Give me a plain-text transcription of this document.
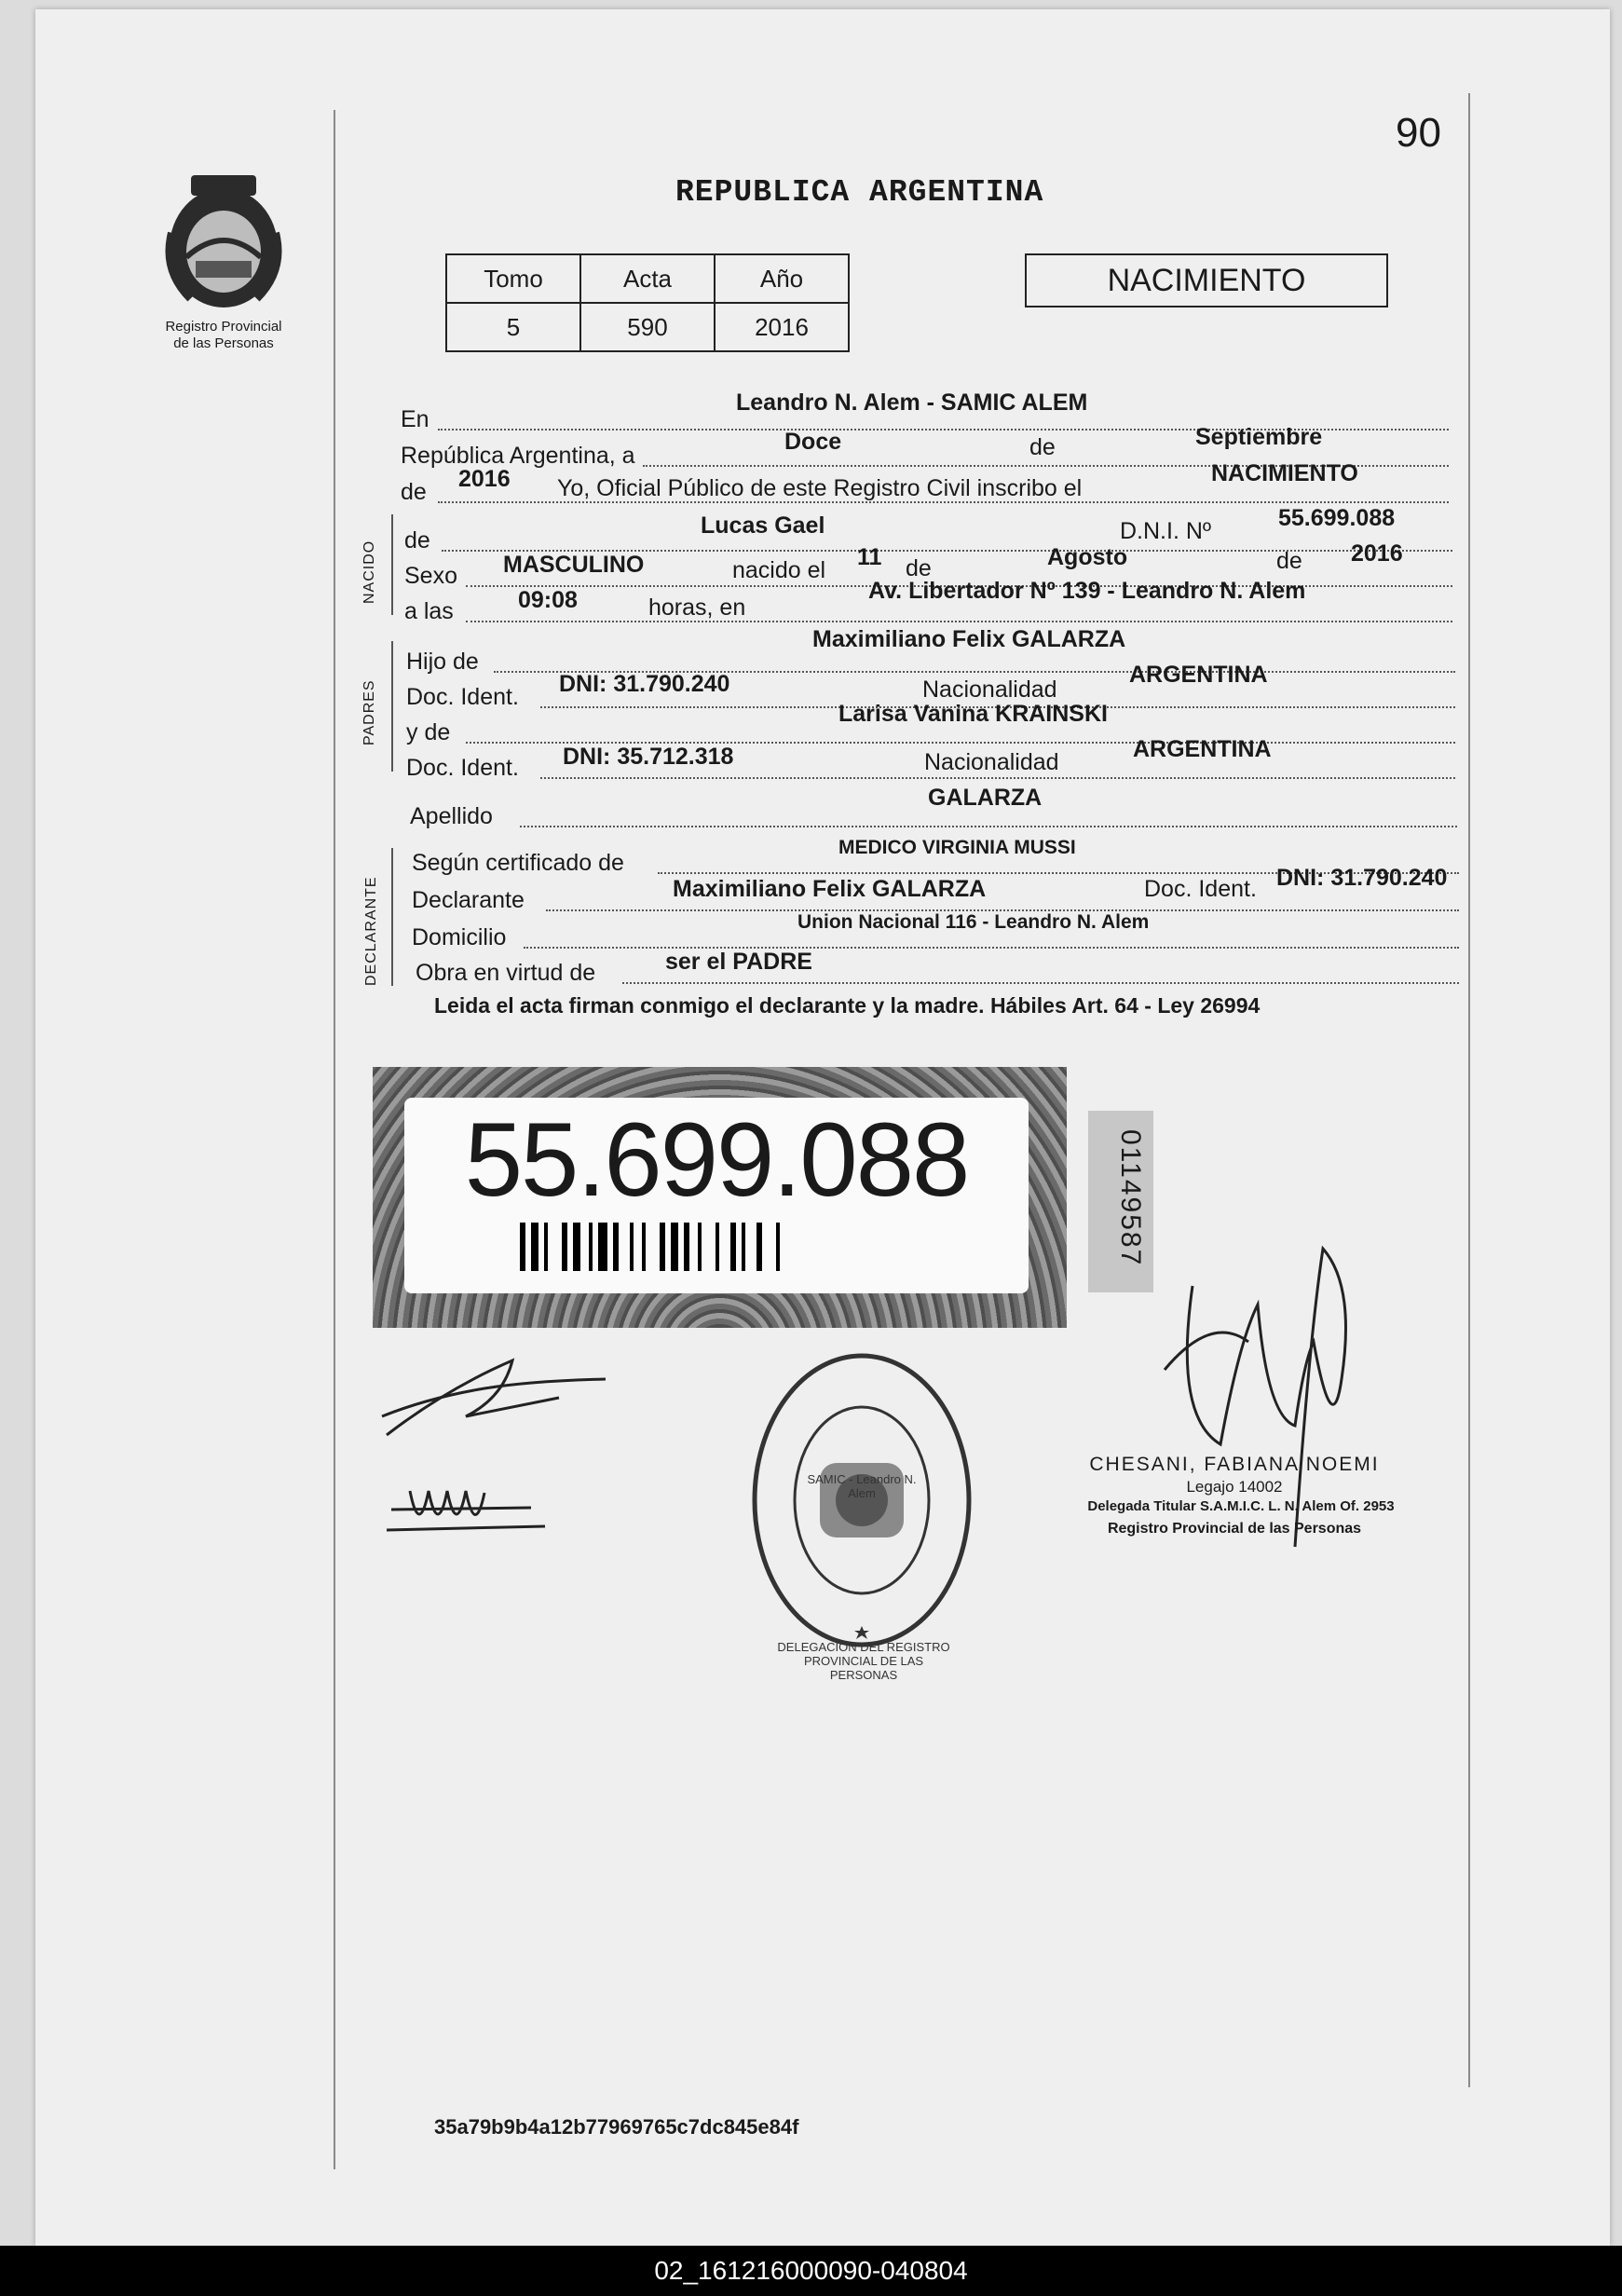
90
Registro Provincial
de las Personas
REPUBLICA ARGENTINA
Tomo	Acta	Año
5	590	2016
NACIMIENTO
En
Leandro N. Alem - SAMIC ALEM
República Argentina, a
Doce	de	Septiembre
de 2016 Yo, Oficial Público de este Registro Civil inscribo el
NACIMIENTO
NACIDO de
Lucas Gael	D.N.I. Nº	55.699.088
Sexo MASCULINO	nacido el 11 de	Agosto	de 2016
a las	09:08	horas, en
Av. Libertador Nº 139 - Leandro N. Alem
PADRES
Hijo de
Maximiliano Felix GALARZA
Doc. Ident. DNI: 31.790.240	Nacionalidad
ARGENTINA
y de
Larisa Vanina KRAINSKI
Doc. Ident. DNI: 35.712.318	Nacionalidad	ARGENTINA
Apellido
GALARZA
DECLARANTE
Según certificado de
MEDICO VIRGINIA MUSSI
Declarante	Maximiliano Felix GALARZA	Doc. Ident. DNI: 31.790.240
Domicilio
Union Nacional 116 - Leandro N. Alem
Obra en virtud de	ser el PADRE
Leida el acta firman conmigo el declarante y la madre. Hábiles Art. 64 - Ley 26994
55.699.088	01149587
DELEGACION DEL REGISTRO PROVINCIAL DE LAS PERSONAS
SAMIC - Leandro N. Alem
CHESANI, FABIANA NOEMI
Legajo 14002
Delegada Titular S.A.M.I.C. L. N. Alem Of. 2953
Registro Provincial de las Personas
35a79b9b4a12b77969765c7dc845e84f
02_161216000090-040804
